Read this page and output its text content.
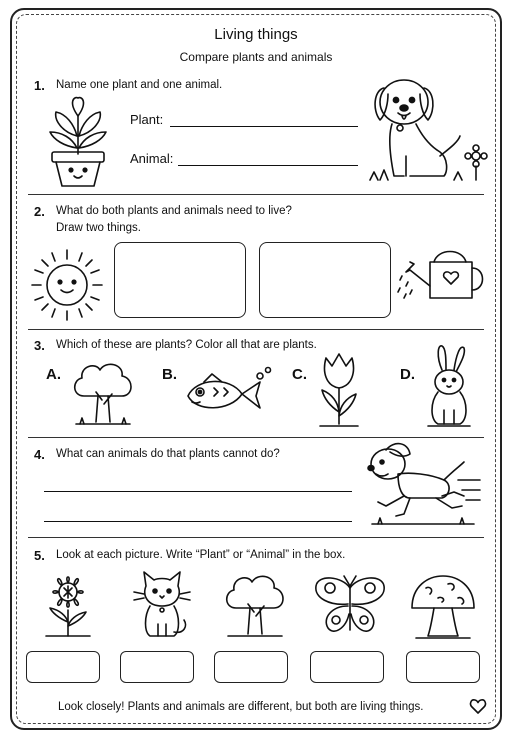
Living things
Compare plants and animals
1. Name one plant and one animal.
Plant:
Animal:
2. What do both plants and animals need to live?
Draw two things.
3. Which of these are plants? Color all that are plants.
A.	B.	C.	D.
4. What can animals do that plants cannot do?
5. Look at each picture. Write “Plant” or “Animal” in the box.
Look closely! Plants and animals are different, but both are living things.
